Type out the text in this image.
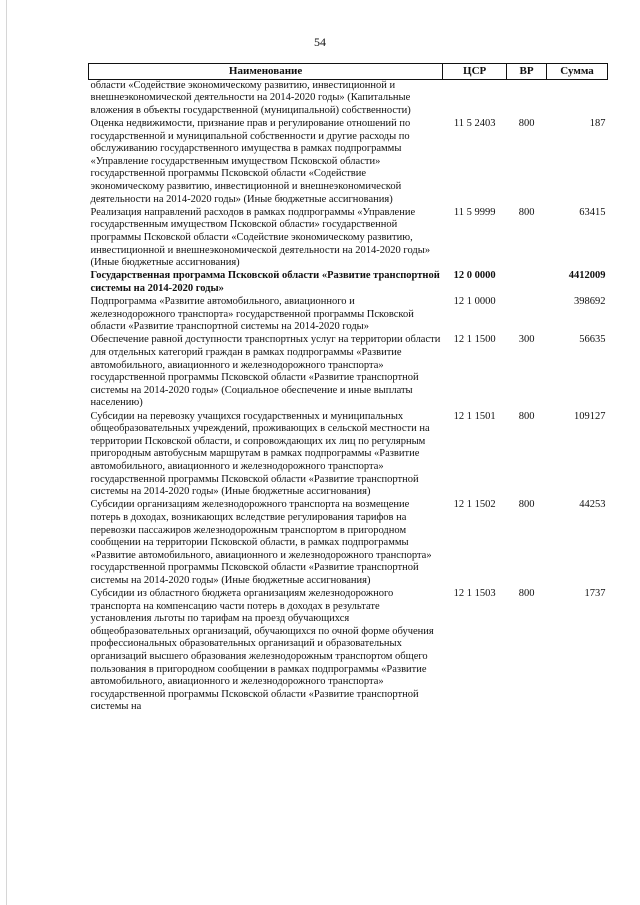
54
Наименование	ЦСР	ВР	Сумма
области «Содействие экономическому развитию, инвестиционной и внешнеэкономической деятельности на 2014-2020 годы» (Капитальные вложения в объекты государственной (муниципальной) собственности)			
Оценка недвижимости, признание прав и регулирование отношений по государственной и муниципальной собственности и другие расходы по обслуживанию государственного имущества в рамках подпрограммы «Управление государственным имуществом Псковской области» государственной программы Псковской области «Содействие экономическому развитию, инвестиционной и внешнеэкономической деятельности на 2014-2020 годы» (Иные бюджетные ассигнования)	11 5 2403	800	187
Реализация направлений расходов в рамках подпрограммы «Управление государственным имуществом Псковской области» государственной программы Псковской области «Содействие экономическому развитию, инвестиционной и внешнеэкономической деятельности на 2014-2020 годы» (Иные бюджетные ассигнования)	11 5 9999	800	63415
Государственная программа Псковской области «Развитие транспортной системы на 2014-2020 годы»	12 0 0000		4412009
Подпрограмма «Развитие автомобильного, авиационного и железнодорожного транспорта» государственной программы Псковской области «Развитие транспортной системы на 2014-2020 годы»	12 1 0000		398692
Обеспечение равной доступности транспортных услуг на территории области для отдельных категорий граждан в рамках подпрограммы «Развитие автомобильного, авиационного и железнодорожного транспорта» государственной программы Псковской области «Развитие транспортной системы на 2014-2020 годы» (Социальное обеспечение и иные выплаты населению)	12 1 1500	300	56635
Субсидии на перевозку учащихся государственных и муниципальных общеобразовательных учреждений, проживающих в сельской местности на территории Псковской области, и сопровождающих их лиц по регулярным пригородным автобусным маршрутам в рамках подпрограммы «Развитие автомобильного, авиационного и железнодорожного транспорта» государственной программы Псковской области «Развитие транспортной системы на 2014-2020 годы» (Иные бюджетные ассигнования)	12 1 1501	800	109127
Субсидии организациям железнодорожного транспорта на возмещение потерь в доходах, возникающих вследствие регулирования тарифов на перевозки пассажиров железнодорожным транспортом в пригородном сообщении на территории Псковской области, в рамках подпрограммы «Развитие автомобильного, авиационного и железнодорожного транспорта» государственной программы Псковской области «Развитие транспортной системы на 2014-2020 годы» (Иные бюджетные ассигнования)	12 1 1502	800	44253
Субсидии из областного бюджета организациям железнодорожного транспорта на компенсацию части потерь в доходах в результате установления льготы по тарифам на проезд обучающихся общеобразовательных организаций, обучающихся по очной форме обучения профессиональных образовательных организаций и образовательных организаций высшего образования железнодорожным транспортом общего пользования в пригородном сообщении в рамках подпрограммы «Развитие автомобильного, авиационного и железнодорожного транспорта» государственной программы Псковской области «Развитие транспортной системы на	12 1 1503	800	1737
